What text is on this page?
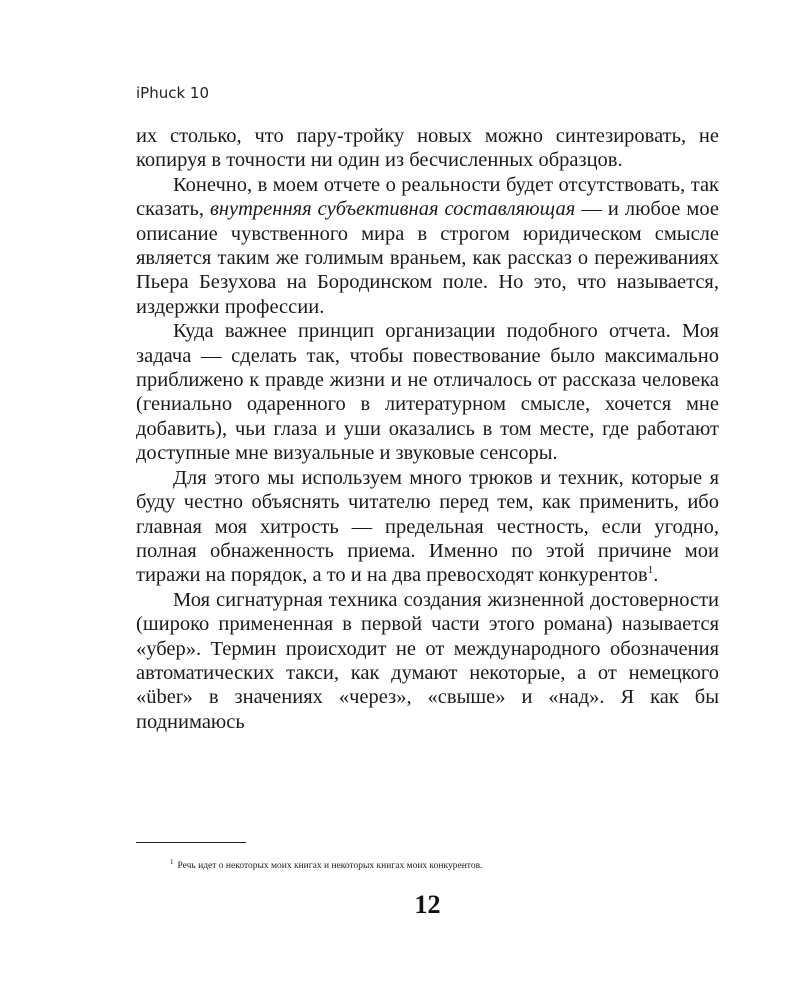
iPhuck 10

их столько, что пару-тройку новых можно синтезировать, не копируя в точности ни один из бесчисленных образцов.

Конечно, в моем отчете о реальности будет отсутствовать, так сказать, внутренняя субъективная составляющая — и любое мое описание чувственного мира в строгом юридическом смысле является таким же голимым враньем, как рассказ о переживаниях Пьера Безухова на Бородинском поле. Но это, что называется, издержки профессии.

Куда важнее принцип организации подобного отчета. Моя задача — сделать так, чтобы повествование было максимально приближено к правде жизни и не отличалось от рассказа человека (гениально одаренного в литературном смысле, хочется мне добавить), чьи глаза и уши оказались в том месте, где работают доступные мне визуальные и звуковые сенсоры.

Для этого мы используем много трюков и техник, которые я буду честно объяснять читателю перед тем, как применить, ибо главная моя хитрость — предельная честность, если угодно, полная обнаженность приема. Именно по этой причине мои тиражи на порядок, а то и на два превосходят конкурентов$^1$.

Моя сигнатурная техника создания жизненной достоверности (широко примененная в первой части этого романа) называется «убер». Термин происходит не от международного обозначения автоматических такси, как думают некоторые, а от немецкого «über» в значениях «через», «свыше» и «над». Я как бы поднимаюсь

$^1$ Речь идет о некоторых моих книгах и некоторых книгах моих конкурентов.
12
